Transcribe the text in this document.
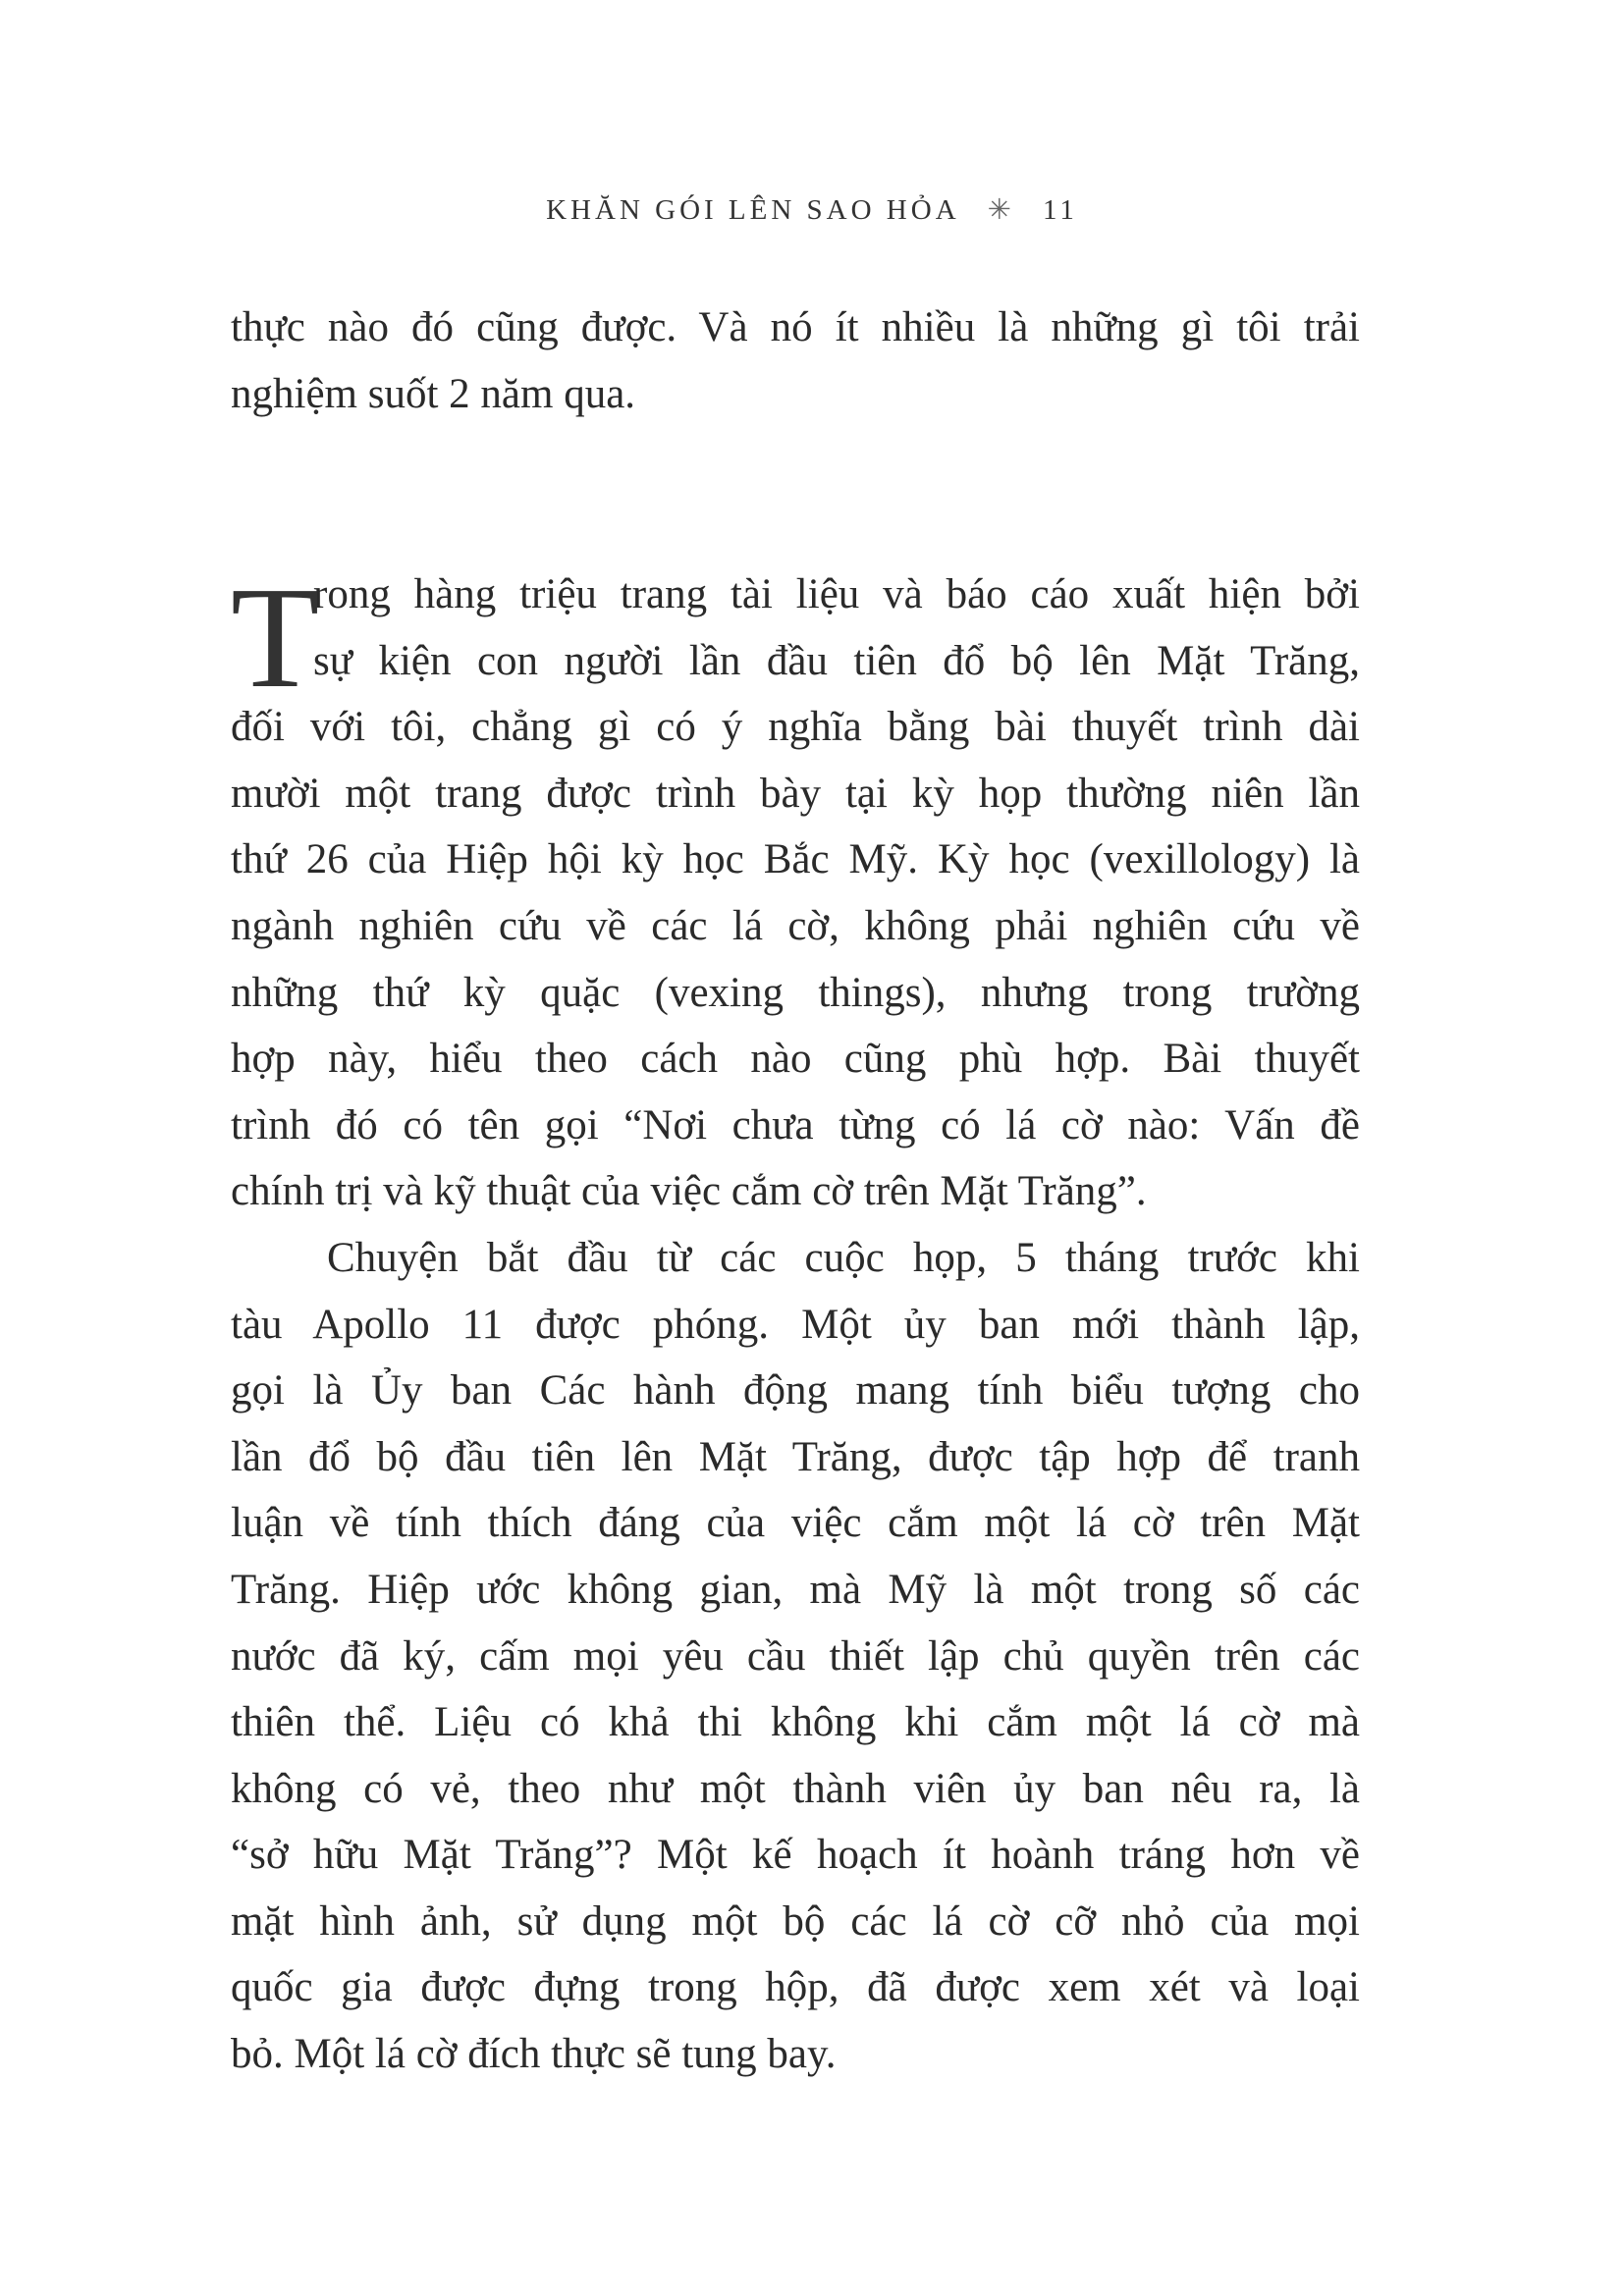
KHĂN GÓI LÊN SAO HỎA ✳ 11
thực nào đó cũng được. Và nó ít nhiều là những gì tôi trải
nghiệm suốt 2 năm qua.
T
rong hàng triệu trang tài liệu và báo cáo xuất hiện bởi
sự kiện con người lần đầu tiên đổ bộ lên Mặt Trăng,
đối với tôi, chẳng gì có ý nghĩa bằng bài thuyết trình dài
mười một trang được trình bày tại kỳ họp thường niên lần
thứ 26 của Hiệp hội kỳ học Bắc Mỹ. Kỳ học (vexillology) là
ngành nghiên cứu về các lá cờ, không phải nghiên cứu về
những thứ kỳ quặc (vexing things), nhưng trong trường
hợp này, hiểu theo cách nào cũng phù hợp. Bài thuyết
trình đó có tên gọi “Nơi chưa từng có lá cờ nào: Vấn đề
chính trị và kỹ thuật của việc cắm cờ trên Mặt Trăng”.
Chuyện bắt đầu từ các cuộc họp, 5 tháng trước khi
tàu Apollo 11 được phóng. Một ủy ban mới thành lập,
gọi là Ủy ban Các hành động mang tính biểu tượng cho
lần đổ bộ đầu tiên lên Mặt Trăng, được tập hợp để tranh
luận về tính thích đáng của việc cắm một lá cờ trên Mặt
Trăng. Hiệp ước không gian, mà Mỹ là một trong số các
nước đã ký, cấm mọi yêu cầu thiết lập chủ quyền trên các
thiên thể. Liệu có khả thi không khi cắm một lá cờ mà
không có vẻ, theo như một thành viên ủy ban nêu ra, là
“sở hữu Mặt Trăng”? Một kế hoạch ít hoành tráng hơn về
mặt hình ảnh, sử dụng một bộ các lá cờ cỡ nhỏ của mọi
quốc gia được đựng trong hộp, đã được xem xét và loại
bỏ. Một lá cờ đích thực sẽ tung bay.
